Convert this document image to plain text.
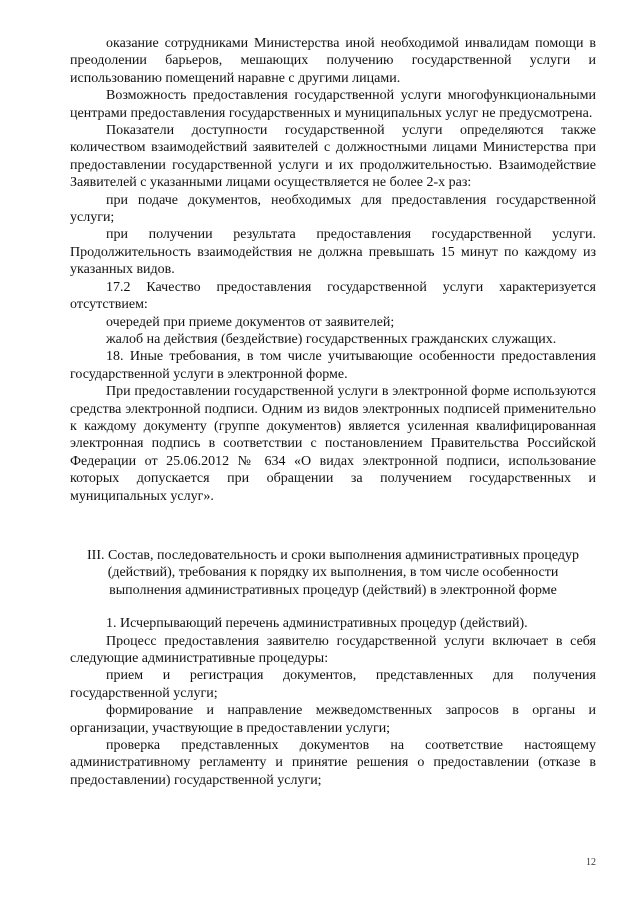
оказание сотрудниками Министерства иной необходимой инвалидам помощи в преодолении барьеров, мешающих получению государственной услуги и использованию помещений наравне с другими лицами.

Возможность предоставления государственной услуги многофункциональными центрами предоставления государственных и муниципальных услуг не предусмотрена.

Показатели доступности государственной услуги определяются также количеством взаимодействий заявителей с должностными лицами Министерства при предоставлении государственной услуги и их продолжительностью. Взаимодействие Заявителей с указанными лицами осуществляется не более 2-х раз:

при подаче документов, необходимых для предоставления государственной услуги;

при получении результата предоставления государственной услуги. Продолжительность взаимодействия не должна превышать 15 минут по каждому из указанных видов.

17.2 Качество предоставления государственной услуги характеризуется отсутствием:

очередей при приеме документов от заявителей;

жалоб на действия (бездействие) государственных гражданских служащих.

18. Иные требования, в том числе учитывающие особенности предоставления государственной услуги в электронной форме.

При предоставлении государственной услуги в электронной форме используются средства электронной подписи. Одним из видов электронных подписей применительно к каждому документу (группе документов) является усиленная квалифицированная электронная подпись в соответствии с постановлением Правительства Российской Федерации от 25.06.2012 № 634 «О видах электронной подписи, использование которых допускается при обращении за получением государственных и муниципальных услуг».

III. Состав, последовательность и сроки выполнения административных процедур (действий), требования к порядку их выполнения, в том числе особенности выполнения административных процедур (действий) в электронной форме

1. Исчерпывающий перечень административных процедур (действий).

Процесс предоставления заявителю государственной услуги включает в себя следующие административные процедуры:

прием и регистрация документов, представленных для получения государственной услуги;

формирование и направление межведомственных запросов в органы и организации, участвующие в предоставлении услуги;

проверка представленных документов на соответствие настоящему административному регламенту и принятие решения о предоставлении (отказе в предоставлении) государственной услуги;

12
